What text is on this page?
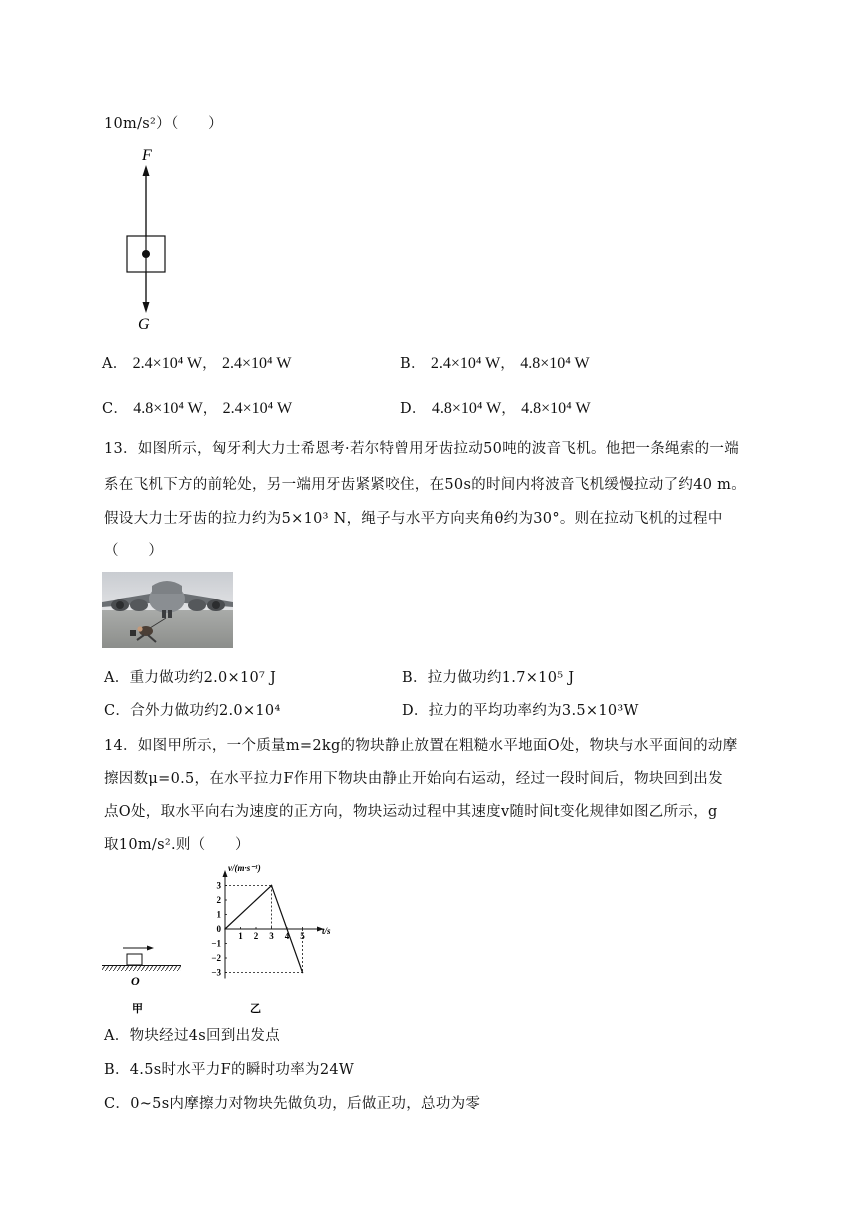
10m/s²）（　　）
F
G
A． 2.4×10⁴ W， 2.4×10⁴ W	B． 2.4×10⁴ W， 4.8×10⁴ W
C． 4.8×10⁴ W， 2.4×10⁴ W	D． 4.8×10⁴ W， 4.8×10⁴ W
13．如图所示，匈牙利大力士希恩考·若尔特曾用牙齿拉动50吨的波音飞机。他把一条绳索的一端
系在飞机下方的前轮处，另一端用牙齿紧紧咬住，在50s的时间内将波音飞机缓慢拉动了约40 m。
假设大力士牙齿的拉力约为5×10³ N，绳子与水平方向夹角θ约为30°。则在拉动飞机的过程中
（　　）
A．重力做功约2.0×10⁷ J	B．拉力做功约1.7×10⁵ J
C．合外力做功约2.0×10⁴	D．拉力的平均功率约为3.5×10³W
14．如图甲所示，一个质量m=2kg的物块静止放置在粗糙水平地面O处，物块与水平面间的动摩
擦因数μ=0.5，在水平拉力F作用下物块由静止开始向右运动，经过一段时间后，物块回到出发
点O处，取水平向右为速度的正方向，物块运动过程中其速度v随时间t变化规律如图乙所示，g
取10m/s².则（　　）
O
甲
3
2
1
0
−1
−2
−3
1 2 3 4 5
v/(m·s⁻¹)
t/s
乙
A．物块经过4s回到出发点
B．4.5s时水平力F的瞬时功率为24W
C．0~5s内摩擦力对物块先做负功，后做正功，总功为零
